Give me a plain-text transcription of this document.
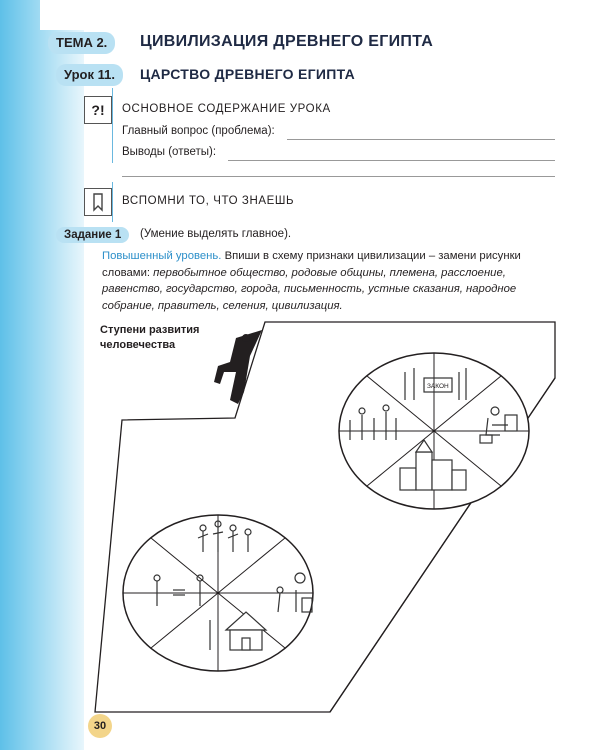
ТЕМА 2.	ЦИВИЛИЗАЦИЯ ДРЕВНЕГО ЕГИПТА
Урок 11.	ЦАРСТВО ДРЕВНЕГО ЕГИПТА
?!	ОСНОВНОЕ СОДЕРЖАНИЕ УРОКА
Главный вопрос (проблема):
Выводы (ответы):
ВСПОМНИ ТО, ЧТО ЗНАЕШЬ
Задание 1	(Умение выделять главное).
Повышенный уровень. Впиши в схему признаки цивилизации – замени рисунки словами: первобытное общество, родовые общины, племена, расслоение, равенство, государство, города, письменность, устные сказания, народное собрание, правитель, селения, цивилизация.
Ступени развития
человечества
ЗАКОН
30
